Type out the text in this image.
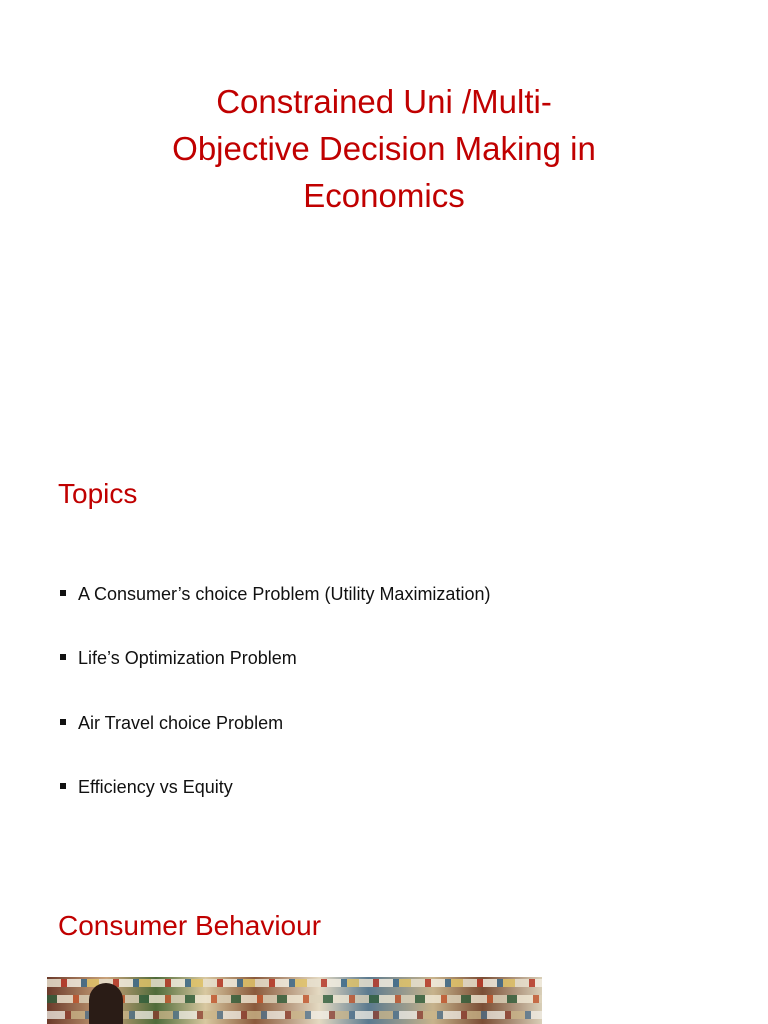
Constrained Uni /Multi-
Objective Decision Making in
Economics
Topics
A Consumer’s choice Problem (Utility Maximization)
Life’s Optimization Problem
Air Travel choice Problem
Efficiency vs Equity
Consumer Behaviour
